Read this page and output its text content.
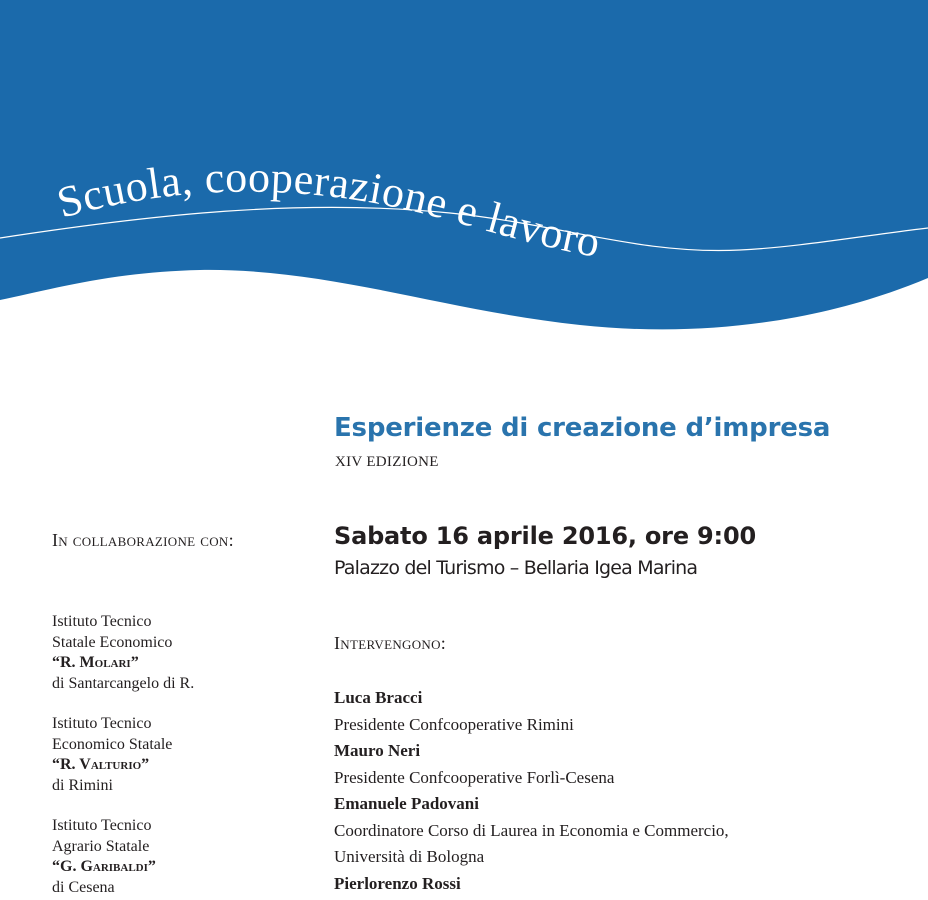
Scuola, cooperazione e lavoro
Esperienze di creazione d’impresa
XIV EDIZIONE
In collaborazione con:	Sabato 16 aprile 2016, ore 9:00
Palazzo del Turismo – Bellaria Igea Marina
Istituto Tecnico
Statale Economico
“R. Molari”
di Santarcangelo di R.
Istituto Tecnico
Economico Statale
“R. Valturio”
di Rimini
Istituto Tecnico
Agrario Statale
“G. Garibaldi”
di Cesena
Intervengono:
Luca Bracci
Presidente Confcooperative Rimini
Mauro Neri
Presidente Confcooperative Forlì-Cesena
Emanuele Padovani
Coordinatore Corso di Laurea in Economia e Commercio,
Università di Bologna
Pierlorenzo Rossi
